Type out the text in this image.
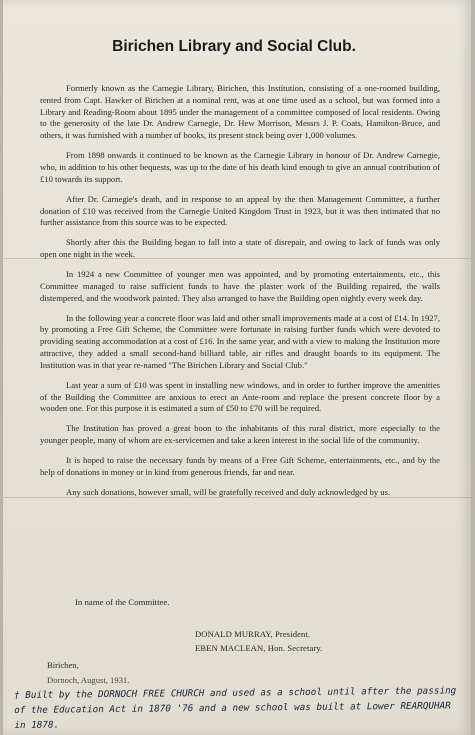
Birichen Library and Social Club.

Formerly known as the Carnegie Library, Birichen, this Institution, consisting of a one-roomed building, rented from Capt. Hawker of Birichen at a nominal rent, was at one time used as a school, but was formed into a Library and Reading-Room about 1895 under the management of a committee composed of local residents. Owing to the generosity of the late Dr. Andrew Carnegie, Dr. Hew Morrison, Messrs J. P. Coats, Hamilton-Bruce, and others, it was furnished with a number of books, its present stock being over 1,000 volumes.

From 1898 onwards it continued to be known as the Carnegie Library in honour of Dr. Andrew Carnegie, who, in addition to his other bequests, was up to the date of his death kind enough to give an annual contribution of £10 towards its support.

After Dr. Carnegie's death, and in response to an appeal by the then Management Committee, a further donation of £10 was received from the Carnegie United Kingdom Trust in 1923, but it was then intimated that no further assistance from this source was to be expected.

Shortly after this the Building began to fall into a state of disrepair, and owing to lack of funds was only open one night in the week.

In 1924 a new Committee of younger men was appointed, and by promoting entertainments, etc., this Committee managed to raise sufficient funds to have the plaster work of the Building repaired, the walls distempered, and the woodwork painted. They also arranged to have the Building open nightly every week day.

In the following year a concrete floor was laid and other small improvements made at a cost of £14. In 1927, by promoting a Free Gift Scheme, the Committee were fortunate in raising further funds which were devoted to providing seating accommodation at a cost of £16. In the same year, and with a view to making the Institution more attractive, they added a small second-hand billiard table, air rifles and draught boards to its equipment. The Institution was in that year re-named "The Birichen Library and Social Club."

Last year a sum of £10 was spent in installing new windows, and in order to further improve the amenities of the Building the Committee are anxious to erect an Ante-room and replace the present concrete floor by a wooden one. For this purpose it is estimated a sum of £50 to £70 will be required.

The Institution has proved a great boon to the inhabitants of this rural district, more especially to the younger people, many of whom are ex-servicemen and take a keen interest in the social life of the community.

It is hoped to raise the necessary funds by means of a Free Gift Scheme, entertainments, etc., and by the help of donations in money or in kind from generous friends, far and near.

Any such donations, however small, will be gratefully received and duly acknowledged by us.

In name of the Committee.
DONALD MURRAY, President.
EBEN MACLEAN, Hon. Secretary.
Birichen,
Dornoch, August, 1931.
† Built by the DORNOCH FREE CHURCH and used as a school until after the passing of the Education Act in 1870 '76 and a new school was built at Lower REARQUHAR in 1878.
